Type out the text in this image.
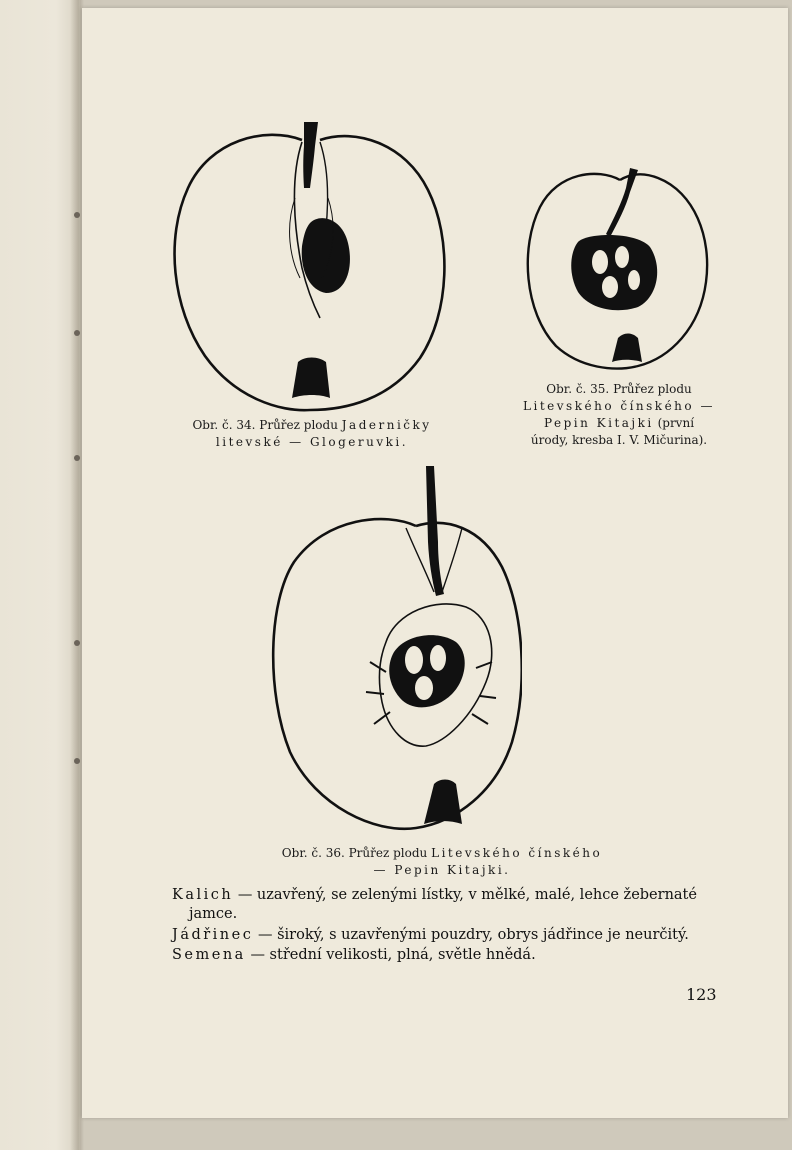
Obr. č. 34. Průřez plodu Jaderničky
litevské — Glogeruvki.
Obr. č. 35. Průřez plodu
Litevského čínského —
Pepin Kitajki (první
úrody, kresba I. V. Mičurina).
Obr. č. 36. Průřez plodu Litevského čínského
— Pepin Kitajki.
Kalich — uzavřený, se zelenými lístky, v mělké, malé, lehce žebernaté
jamce.
Jádřinec — široký, s uzavřenými pouzdry, obrys jádřince je neurčitý.
Semena — střední velikosti, plná, světle hnědá.
123
